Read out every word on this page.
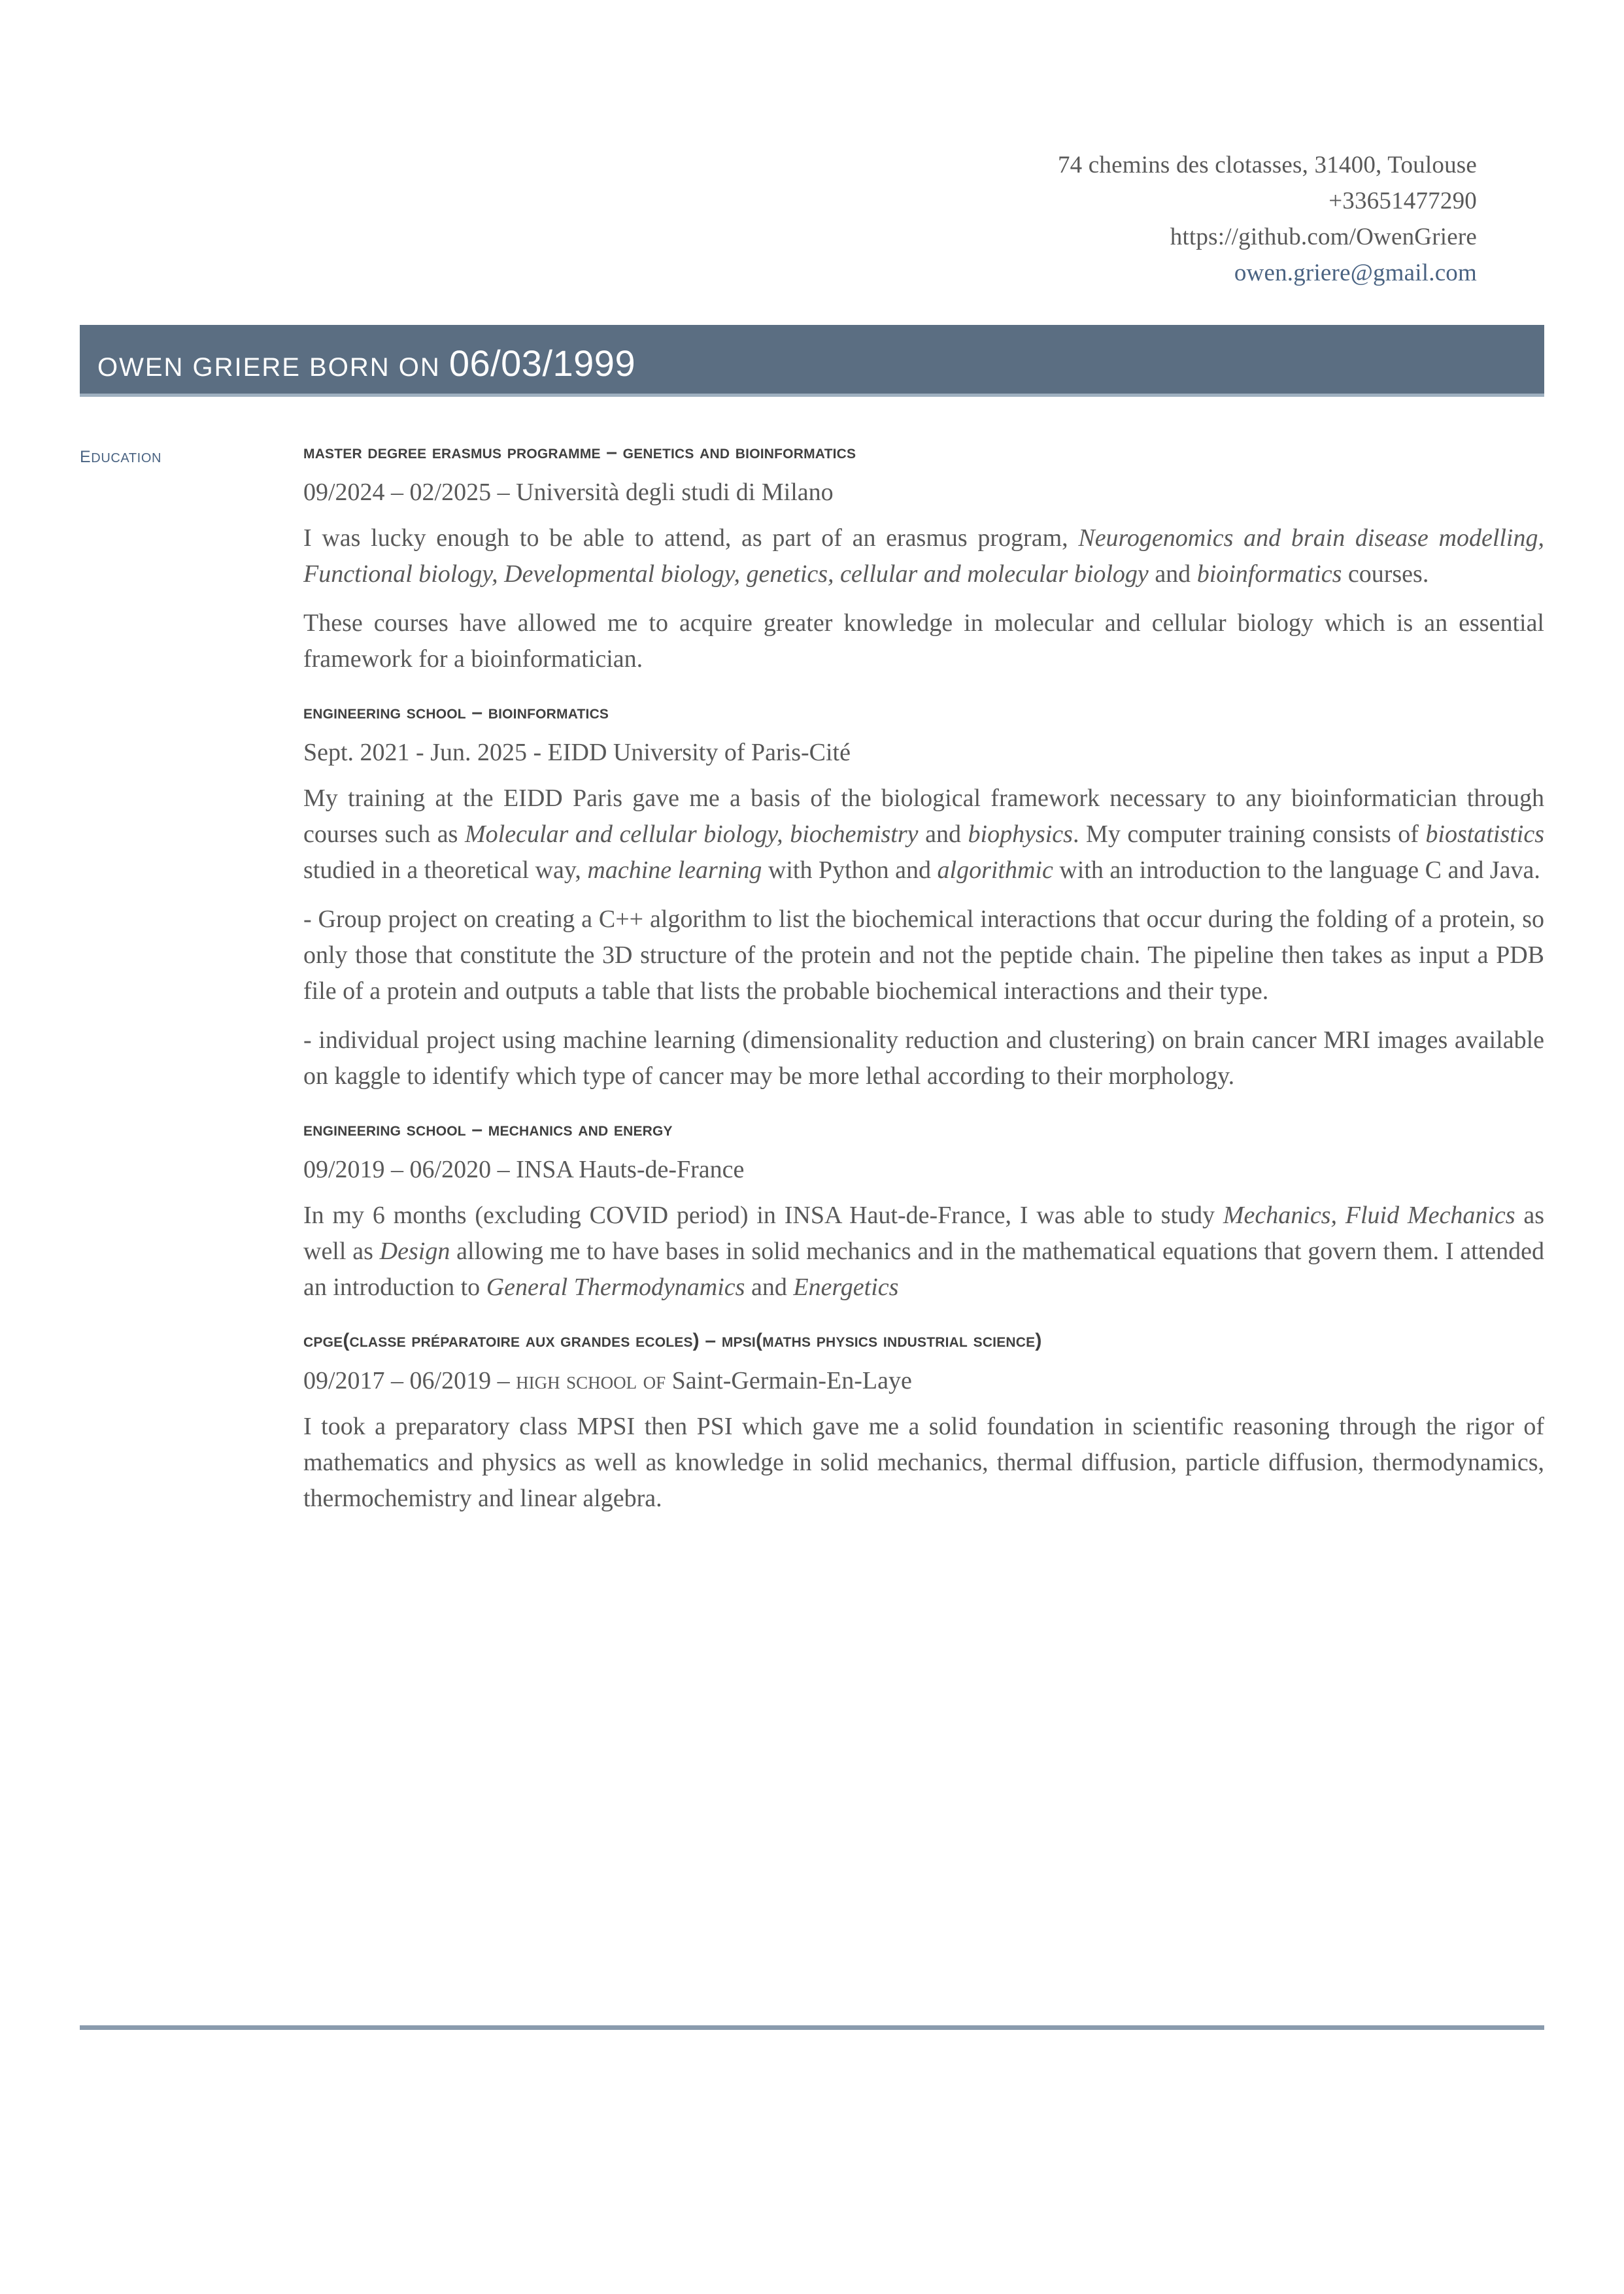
74 chemins des clotasses, 31400, Toulouse
+33651477290
https://github.com/OwenGriere
owen.griere@gmail.com
OWEN GRIERE BORN ON 06/03/1999
education	master degree erasmus programme – genetics and bioinformatics
09/2024 – 02/2025 – Università degli studi di Milano

I was lucky enough to be able to attend, as part of an erasmus program, Neurogenomics and brain disease modelling, Functional biology, Developmental biology, genetics, cellular and molecular biology and bioinformatics courses.

These courses have allowed me to acquire greater knowledge in molecular and cellular biology which is an essential framework for a bioinformatician.

engineering school – bioinformatics
Sept. 2021 - Jun. 2025 - EIDD University of Paris-Cité

My training at the EIDD Paris gave me a basis of the biological framework necessary to any bioinformatician through courses such as Molecular and cellular biology, biochemistry and biophysics. My computer training consists of biostatistics studied in a theoretical way, machine learning with Python and algorithmic with an introduction to the language C and Java.

- Group project on creating a C++ algorithm to list the biochemical interactions that occur during the folding of a protein, so only those that constitute the 3D structure of the protein and not the peptide chain. The pipeline then takes as input a PDB file of a protein and outputs a table that lists the probable biochemical interactions and their type.

- individual project using machine learning (dimensionality reduction and clustering) on brain cancer MRI images available on kaggle to identify which type of cancer may be more lethal according to their morphology.

engineering school – mechanics and energy
09/2019 – 06/2020 – INSA Hauts-de-France

In my 6 months (excluding COVID period) in INSA Haut-de-France, I was able to study Mechanics, Fluid Mechanics as well as Design allowing me to have bases in solid mechanics and in the mathematical equations that govern them. I attended an introduction to General Thermodynamics and Energetics

cpge(classe préparatoire aux grandes ecoles) – mpsi(maths physics industrial science)
09/2017 – 06/2019 – high school of Saint-Germain-En-Laye

I took a preparatory class MPSI then PSI which gave me a solid foundation in scientific reasoning through the rigor of mathematics and physics as well as knowledge in solid mechanics, thermal diffusion, particle diffusion, thermodynamics, thermochemistry and linear algebra.
